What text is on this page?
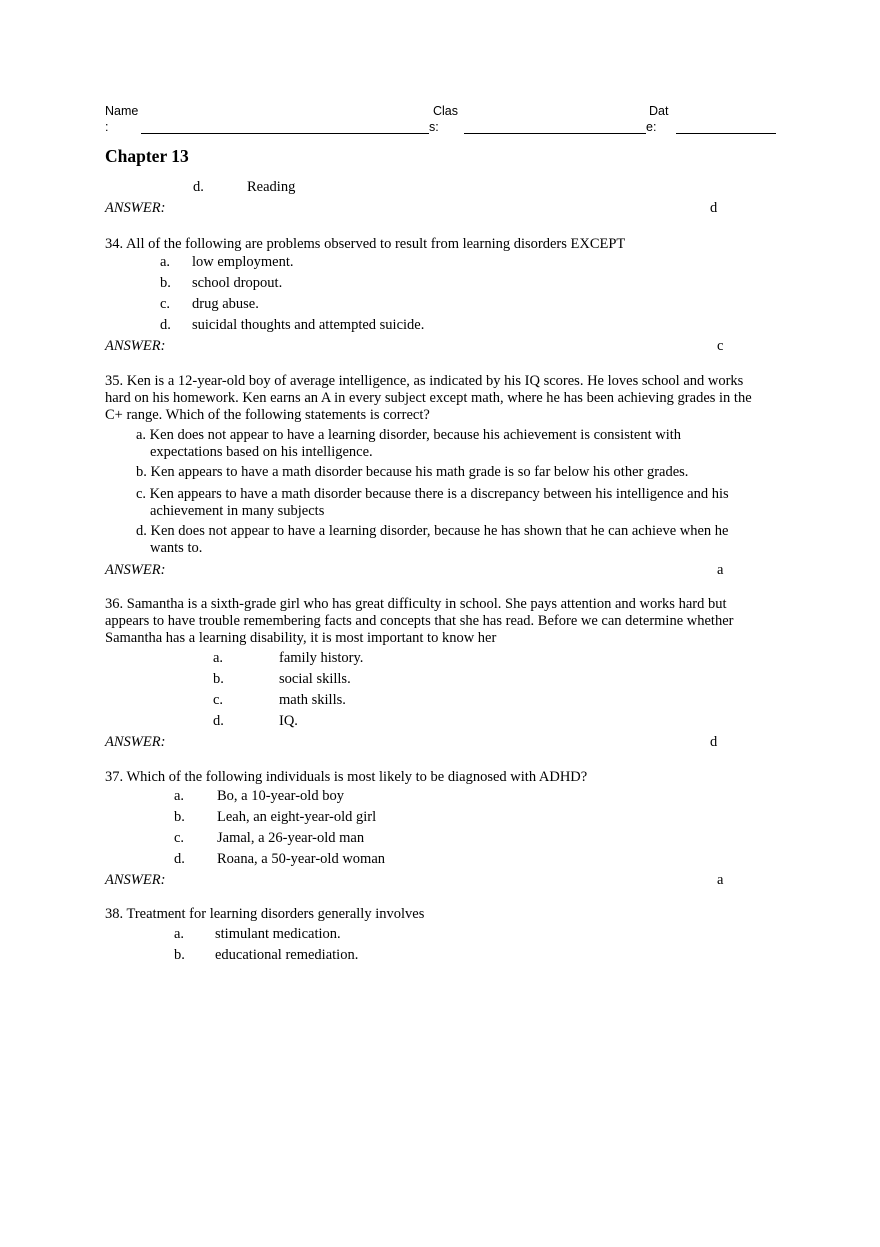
Name
:
Clas
s:
Dat
e:
Chapter 13
d.	Reading
ANSWER:	d
34. All of the following are problems observed to result from learning disorders EXCEPT
a. low employment.
b. school dropout.
c. drug abuse.
d. suicidal thoughts and attempted suicide.
ANSWER:	c
35. Ken is a 12-year-old boy of average intelligence, as indicated by his IQ scores. He loves school and works
hard on his homework. Ken earns an A in every subject except math, where he has been achieving grades in the
C+ range. Which of the following statements is correct?
a. Ken does not appear to have a learning disorder, because his achievement is consistent with
expectations based on his intelligence.
b. Ken appears to have a math disorder because his math grade is so far below his other grades.
c. Ken appears to have a math disorder because there is a discrepancy between his intelligence and his
achievement in many subjects
d. Ken does not appear to have a learning disorder, because he has shown that he can achieve when he
wants to.
ANSWER:	a
36. Samantha is a sixth-grade girl who has great difficulty in school. She pays attention and works hard but
appears to have trouble remembering facts and concepts that she has read. Before we can determine whether
Samantha has a learning disability, it is most important to know her
a.	family history.
b.	social skills.
c.	math skills.
d.	IQ.
ANSWER:	d
37. Which of the following individuals is most likely to be diagnosed with ADHD?
a. Bo, a 10-year-old boy
b. Leah, an eight-year-old girl
c. Jamal, a 26-year-old man
d. Roana, a 50-year-old woman
ANSWER:	a
38. Treatment for learning disorders generally involves
a. stimulant medication.
b. educational remediation.
